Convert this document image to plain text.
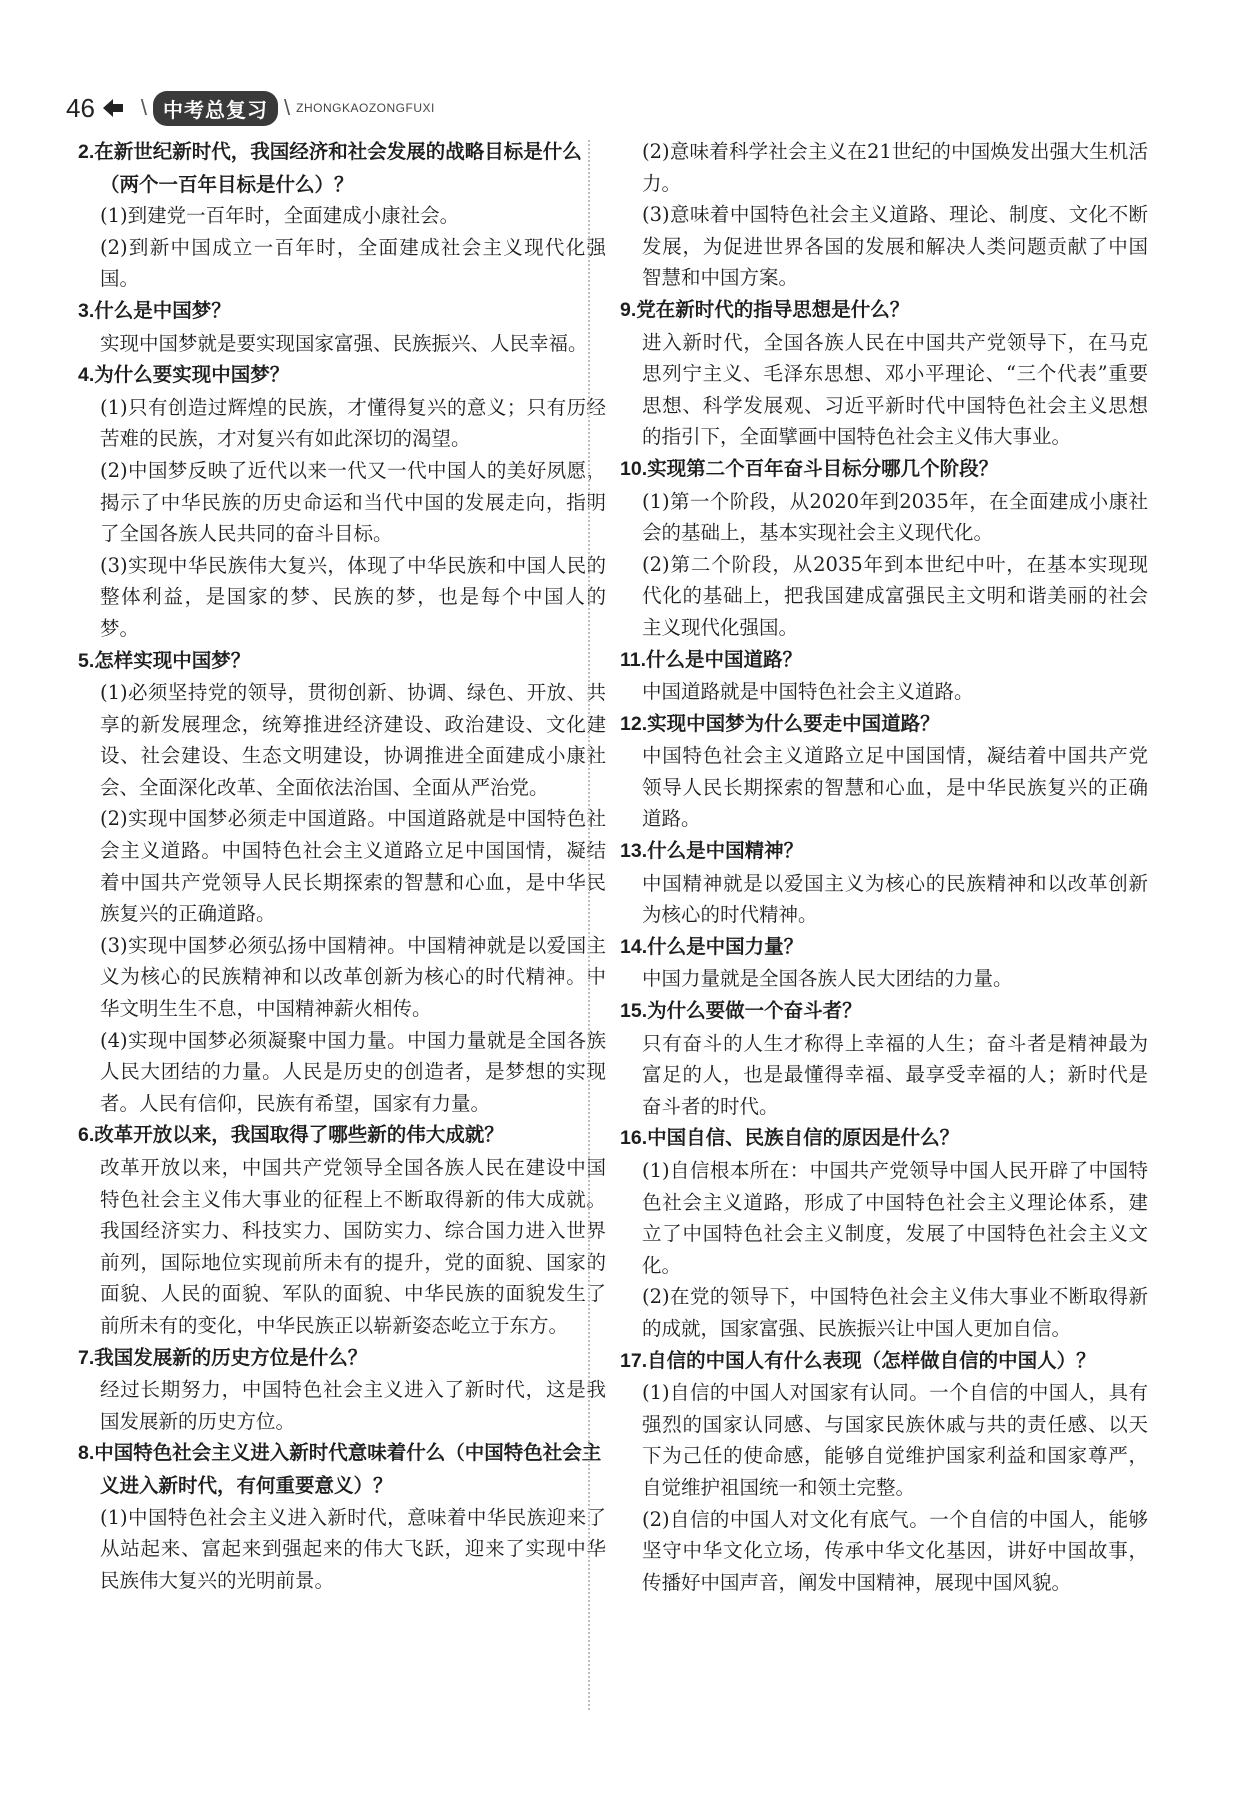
46 \ 中考总复习 \ ZHONGKAOZONGFUXI

2.在新世纪新时代，我国经济和社会发展的战略目标是什么（两个一百年目标是什么）？

(1)到建党一百年时，全面建成小康社会。

(2)到新中国成立一百年时，全面建成社会主义现代化强国。

3.什么是中国梦？

实现中国梦就是要实现国家富强、民族振兴、人民幸福。

4.为什么要实现中国梦？

(1)只有创造过辉煌的民族，才懂得复兴的意义；只有历经苦难的民族，才对复兴有如此深切的渴望。

(2)中国梦反映了近代以来一代又一代中国人的美好夙愿，揭示了中华民族的历史命运和当代中国的发展走向，指明了全国各族人民共同的奋斗目标。

(3)实现中华民族伟大复兴，体现了中华民族和中国人民的整体利益，是国家的梦、民族的梦，也是每个中国人的梦。

5.怎样实现中国梦？

(1)必须坚持党的领导，贯彻创新、协调、绿色、开放、共享的新发展理念，统筹推进经济建设、政治建设、文化建设、社会建设、生态文明建设，协调推进全面建成小康社会、全面深化改革、全面依法治国、全面从严治党。

(2)实现中国梦必须走中国道路。中国道路就是中国特色社会主义道路。中国特色社会主义道路立足中国国情，凝结着中国共产党领导人民长期探索的智慧和心血，是中华民族复兴的正确道路。

(3)实现中国梦必须弘扬中国精神。中国精神就是以爱国主义为核心的民族精神和以改革创新为核心的时代精神。中华文明生生不息，中国精神薪火相传。

(4)实现中国梦必须凝聚中国力量。中国力量就是全国各族人民大团结的力量。人民是历史的创造者，是梦想的实现者。人民有信仰，民族有希望，国家有力量。

6.改革开放以来，我国取得了哪些新的伟大成就？

改革开放以来，中国共产党领导全国各族人民在建设中国特色社会主义伟大事业的征程上不断取得新的伟大成就。我国经济实力、科技实力、国防实力、综合国力进入世界前列，国际地位实现前所未有的提升，党的面貌、国家的面貌、人民的面貌、军队的面貌、中华民族的面貌发生了前所未有的变化，中华民族正以崭新姿态屹立于东方。

7.我国发展新的历史方位是什么？

经过长期努力，中国特色社会主义进入了新时代，这是我国发展新的历史方位。

8.中国特色社会主义进入新时代意味着什么（中国特色社会主义进入新时代，有何重要意义）？

(1)中国特色社会主义进入新时代，意味着中华民族迎来了从站起来、富起来到强起来的伟大飞跃，迎来了实现中华民族伟大复兴的光明前景。

(2)意味着科学社会主义在21世纪的中国焕发出强大生机活力。

(3)意味着中国特色社会主义道路、理论、制度、文化不断发展，为促进世界各国的发展和解决人类问题贡献了中国智慧和中国方案。

9.党在新时代的指导思想是什么？

进入新时代，全国各族人民在中国共产党领导下，在马克思列宁主义、毛泽东思想、邓小平理论、“三个代表”重要思想、科学发展观、习近平新时代中国特色社会主义思想的指引下，全面擘画中国特色社会主义伟大事业。

10.实现第二个百年奋斗目标分哪几个阶段？

(1)第一个阶段，从2020年到2035年，在全面建成小康社会的基础上，基本实现社会主义现代化。

(2)第二个阶段，从2035年到本世纪中叶，在基本实现现代化的基础上，把我国建成富强民主文明和谐美丽的社会主义现代化强国。

11.什么是中国道路？

中国道路就是中国特色社会主义道路。

12.实现中国梦为什么要走中国道路？

中国特色社会主义道路立足中国国情，凝结着中国共产党领导人民长期探索的智慧和心血，是中华民族复兴的正确道路。

13.什么是中国精神？

中国精神就是以爱国主义为核心的民族精神和以改革创新为核心的时代精神。

14.什么是中国力量？

中国力量就是全国各族人民大团结的力量。

15.为什么要做一个奋斗者？

只有奋斗的人生才称得上幸福的人生；奋斗者是精神最为富足的人，也是最懂得幸福、最享受幸福的人；新时代是奋斗者的时代。

16.中国自信、民族自信的原因是什么？

(1)自信根本所在：中国共产党领导中国人民开辟了中国特色社会主义道路，形成了中国特色社会主义理论体系，建立了中国特色社会主义制度，发展了中国特色社会主义文化。

(2)在党的领导下，中国特色社会主义伟大事业不断取得新的成就，国家富强、民族振兴让中国人更加自信。

17.自信的中国人有什么表现（怎样做自信的中国人）？

(1)自信的中国人对国家有认同。一个自信的中国人，具有强烈的国家认同感、与国家民族休戚与共的责任感、以天下为己任的使命感，能够自觉维护国家利益和国家尊严，自觉维护祖国统一和领土完整。

(2)自信的中国人对文化有底气。一个自信的中国人，能够坚守中华文化立场，传承中华文化基因，讲好中国故事，传播好中国声音，阐发中国精神，展现中国风貌。
